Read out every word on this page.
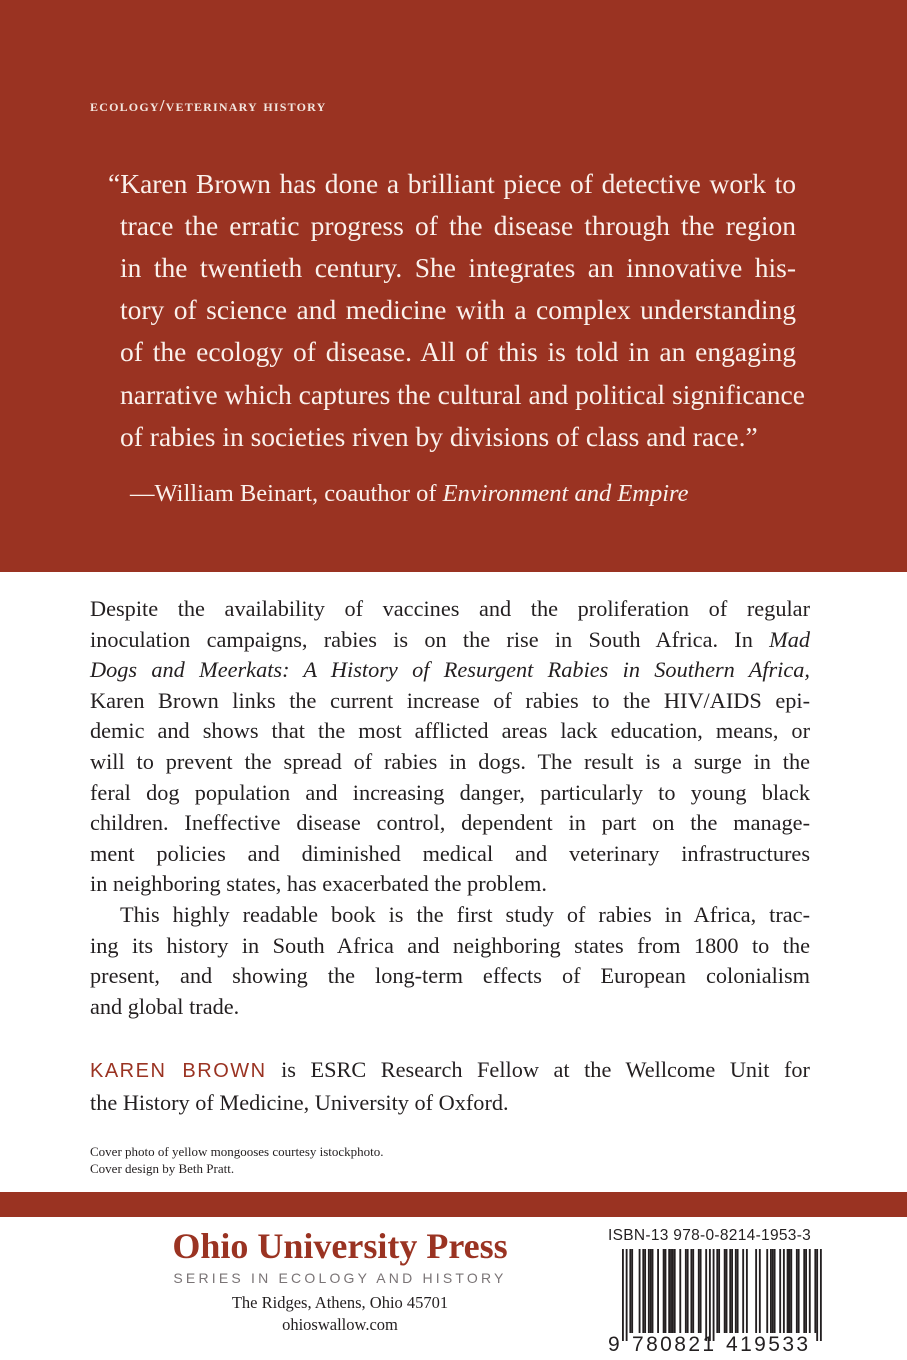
ecology/veterinary history
“Karen Brown has done a brilliant piece of detective work to
trace the erratic progress of the disease through the region
in the twentieth century. She integrates an innovative his-
tory of science and medicine with a complex understanding
of the ecology of disease. All of this is told in an engaging
narrative which captures the cultural and political significance
of rabies in societies riven by divisions of class and race.”
—William Beinart, coauthor of Environment and Empire
Despite the availability of vaccines and the proliferation of regular
inoculation campaigns, rabies is on the rise in South Africa. In Mad
Dogs and Meerkats: A History of Resurgent Rabies in Southern Africa,
Karen Brown links the current increase of rabies to the HIV/AIDS epi-
demic and shows that the most afflicted areas lack education, means, or
will to prevent the spread of rabies in dogs. The result is a surge in the
feral dog population and increasing danger, particularly to young black
children. Ineffective disease control, dependent in part on the manage-
ment policies and diminished medical and veterinary infrastructures
in neighboring states, has exacerbated the problem.
This highly readable book is the first study of rabies in Africa, trac-
ing its history in South Africa and neighboring states from 1800 to the
present, and showing the long-term effects of European colonialism
and global trade.
KAREN BROWN is ESRC Research Fellow at the Wellcome Unit for
the History of Medicine, University of Oxford.
Cover photo of yellow mongooses courtesy istockphoto.
Cover design by Beth Pratt.
Ohio University Press
SERIES IN ECOLOGY AND HISTORY
The Ridges, Athens, Ohio 45701
ohioswallow.com
ISBN-13 978-0-8214-1953-3
9 780821 419533
